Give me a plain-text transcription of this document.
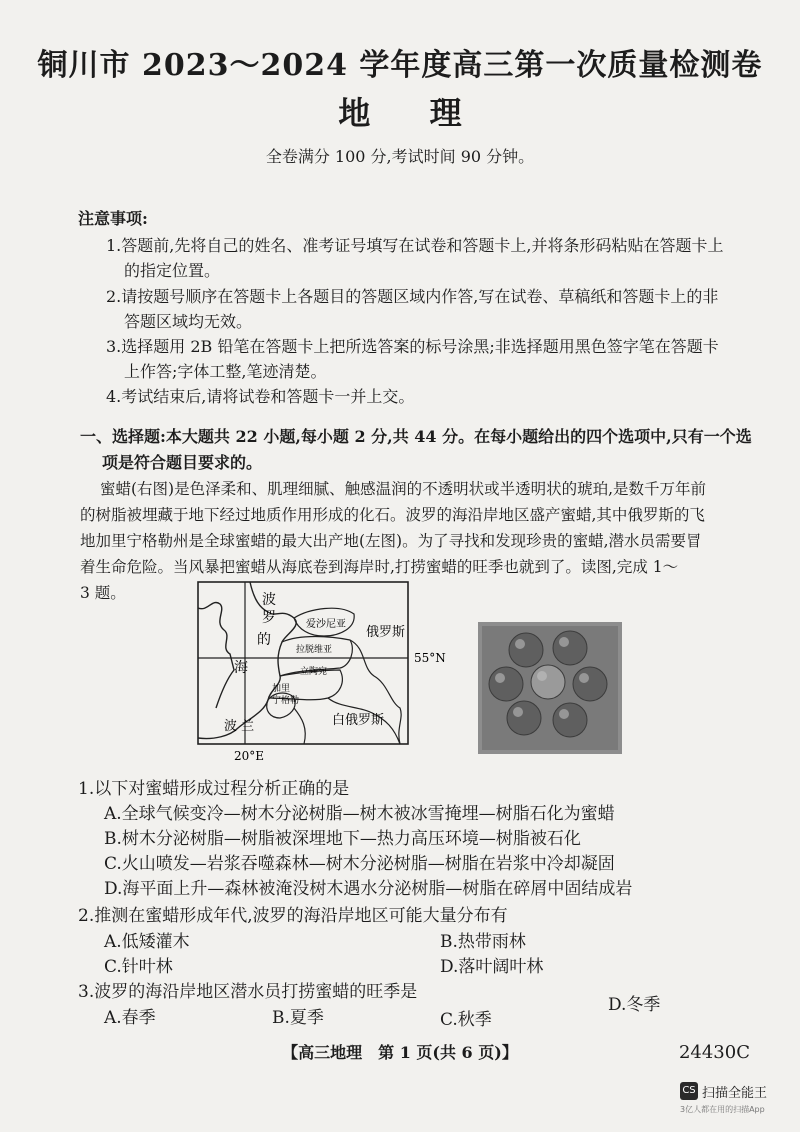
铜川市 2023～2024 学年度高三第一次质量检测卷
地 理
全卷满分 100 分,考试时间 90 分钟。
注意事项:
1.答题前,先将自己的姓名、准考证号填写在试卷和答题卡上,并将条形码粘贴在答题卡上
的指定位置。
2.请按题号顺序在答题卡上各题目的答题区域内作答,写在试卷、草稿纸和答题卡上的非
答题区域均无效。
3.选择题用 2B 铅笔在答题卡上把所选答案的标号涂黑;非选择题用黑色签字笔在答题卡
上作答;字体工整,笔迹清楚。
4.考试结束后,请将试卷和答题卡一并上交。
一、选择题:本大题共 22 小题,每小题 2 分,共 44 分。在每小题给出的四个选项中,只有一个选
项是符合题目要求的。
蜜蜡(右图)是色泽柔和、肌理细腻、触感温润的不透明状或半透明状的琥珀,是数千万年前
的树脂被埋藏于地下经过地质作用形成的化石。波罗的海沿岸地区盛产蜜蜡,其中俄罗斯的飞
地加里宁格勒州是全球蜜蜡的最大出产地(左图)。为了寻找和发现珍贵的蜜蜡,潜水员需要冒
着生命危险。当风暴把蜜蜡从海底卷到海岸时,打捞蜜蜡的旺季也就到了。读图,完成 1～
3 题。	波
罗
的
海
爱沙尼亚
拉脱维亚
立陶宛
加里
宁格勒
俄罗斯
白俄罗斯
波 兰
55°N
20°E
1.以下对蜜蜡形成过程分析正确的是
A.全球气候变冷—树木分泌树脂—树木被冰雪掩埋—树脂石化为蜜蜡
B.树木分泌树脂—树脂被深埋地下—热力高压环境—树脂被石化
C.火山喷发—岩浆吞噬森林—树木分泌树脂—树脂在岩浆中冷却凝固
D.海平面上升—森林被淹没树木遇水分泌树脂—树脂在碎屑中固结成岩
2.推测在蜜蜡形成年代,波罗的海沿岸地区可能大量分布有
A.低矮灌木	B.热带雨林
C.针叶林	D.落叶阔叶林
3.波罗的海沿岸地区潜水员打捞蜜蜡的旺季是
A.春季	B.夏季	C.秋季
D.冬季
【高三地理　第 1 页(共 6 页)】	24430C
CS 扫描全能王
3亿人都在用的扫描App
